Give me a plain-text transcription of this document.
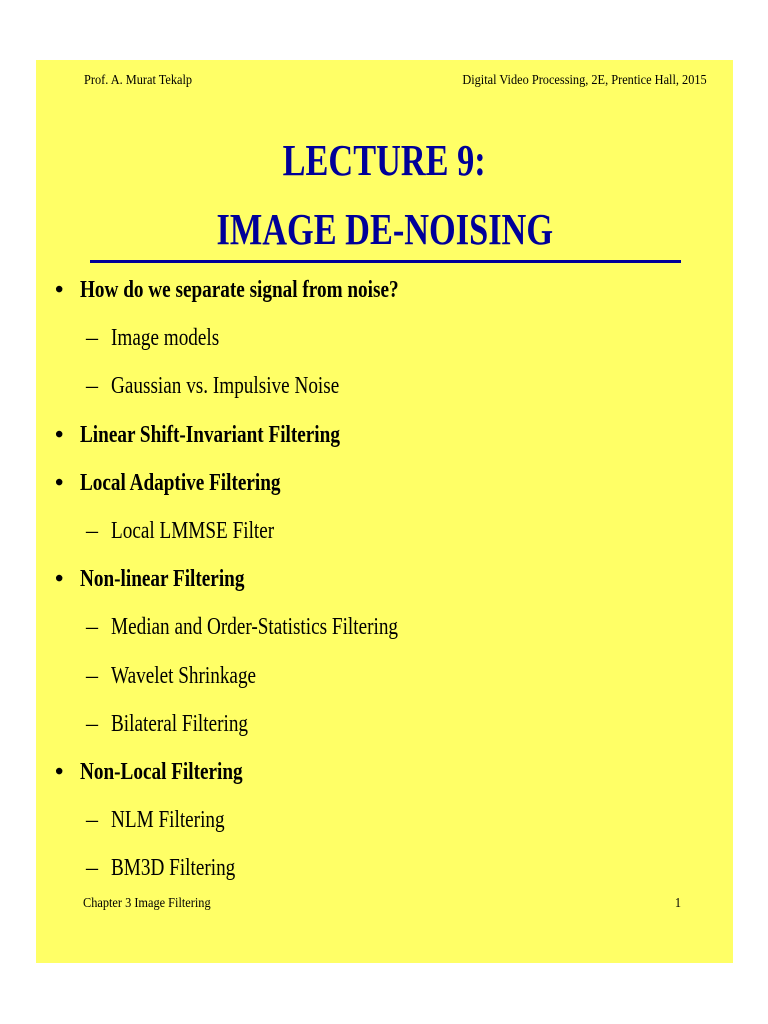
Prof. A. Murat Tekalp	Digital Video Processing, 2E, Prentice Hall, 2015
LECTURE 9:
IMAGE DE-NOISING
• How do we separate signal from noise?
– Image models
– Gaussian vs. Impulsive Noise
• Linear Shift-Invariant Filtering
• Local Adaptive Filtering
– Local LMMSE Filter
• Non-linear Filtering
– Median and Order-Statistics Filtering
– Wavelet Shrinkage
– Bilateral Filtering
• Non-Local Filtering
– NLM Filtering
– BM3D Filtering
Chapter 3 Image Filtering	1
